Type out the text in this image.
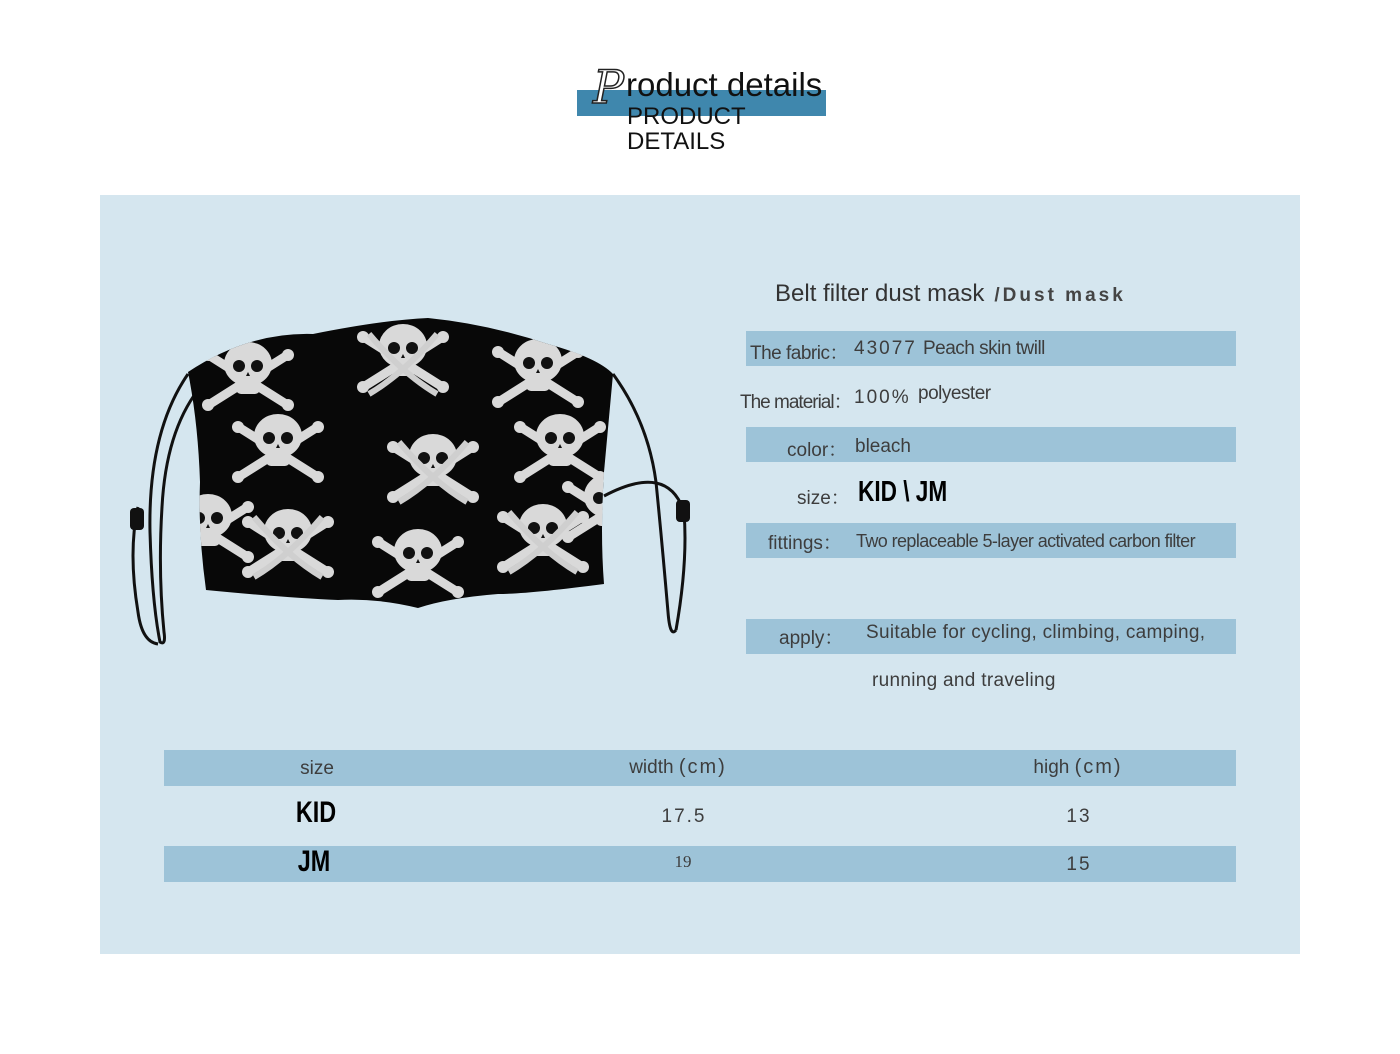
P roduct details
PRODUCT DETAILS
Belt filter dust mask /Dust mask
The fabric： 43077 Peach skin twill
The material： 100% polyester
color： bleach
size： KID \ JM
fittings： Two replaceable 5-layer activated carbon filter
apply： Suitable for cycling, climbing, camping,
running and traveling
size	width (cm)	high (cm)
KID	17.5	13
JM	19	15
